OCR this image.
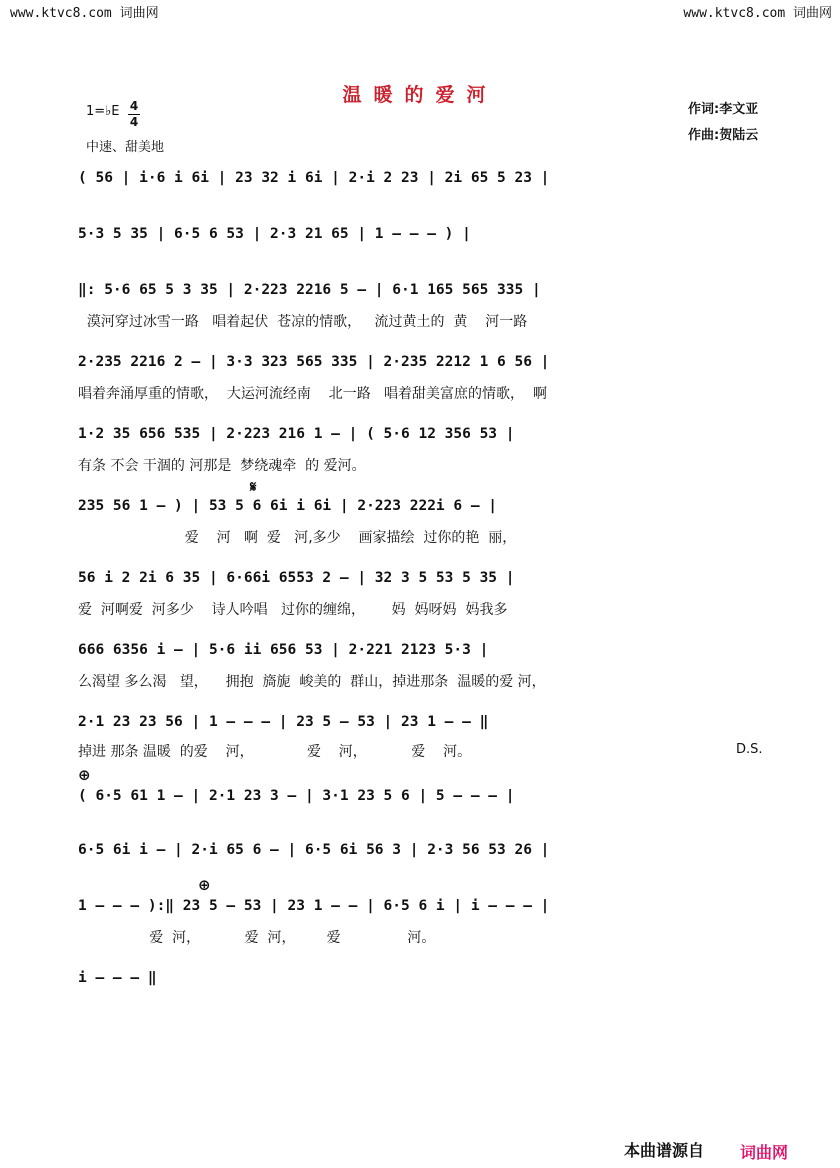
www.ktvc8.com 词曲网	www.ktvc8.com 词曲网
温暖的爱河
1=♭E 4
4
中速、甜美地
作词:李文亚
作曲:贺陆云
( 56 | i·6 i 6i | 23 32 i 6i | 2·i 2 23 | 2i 65 5 23 |
5·3 5 35 | 6·5 6 53 | 2·3 21 65 | 1 — — — ) |
‖: 5·6 65 5 3 35 | 2·223 2216 5 — | 6·1 165 565 335 |
漠河穿过冰雪一路   唱着起伏  苍凉的情歌，   流过黄土的  黄    河一路
2·235 2216 2 — | 3·3 323 565 335 | 2·235 2212 1 6 56 |
唱着奔涌厚重的情歌，  大运河流经南    北一路   唱着甜美富庶的情歌，  啊
1·2 35 656 535 | 2·223 216 1 — | ( 5·6 12 356 53 |
有条 不会 干涸的 河那是  梦绕魂牵  的 爱河。
𝄋
235 56 1 — ) | 53 5 6 6i i 6i | 2·223 222i 6 — |
爱    河   啊  爱   河,多少    画家描绘  过你的艳  丽，
56 i 2 2i 6 35 | 6·66i 6553 2 — | 32 3 5 53 5 35 |
爱  河啊爱  河多少    诗人吟唱   过你的缠绵，      妈  妈呀妈  妈我多
666 6356 i — | 5·6 ii 656 53 | 2·221 2123 5·3 |
么渴望 多么渴   望，    拥抱  旖旎  峻美的  群山，掉进那条  温暖的爱 河，
2·1 23 23 56 | 1 — — — | 23 5 — 53 | 23 1 — — ‖
掉进 那条 温暖  的爱    河，            爱    河，          爱    河。	D.S.
⊕
( 6·5 61 1 — | 2·1 23 3 — | 3·1 23 5 6 | 5 — — — |
6·5 6i i — | 2·i 65 6 — | 6·5 6i 56 3 | 2·3 56 53 26 |
⊕
1 — — — ):‖ 23 5 — 53 | 23 1 — — | 6·5 6 i | i — — — |
爱  河，          爱  河，       爱               河。
i — — — ‖
本曲谱源自 词曲网
